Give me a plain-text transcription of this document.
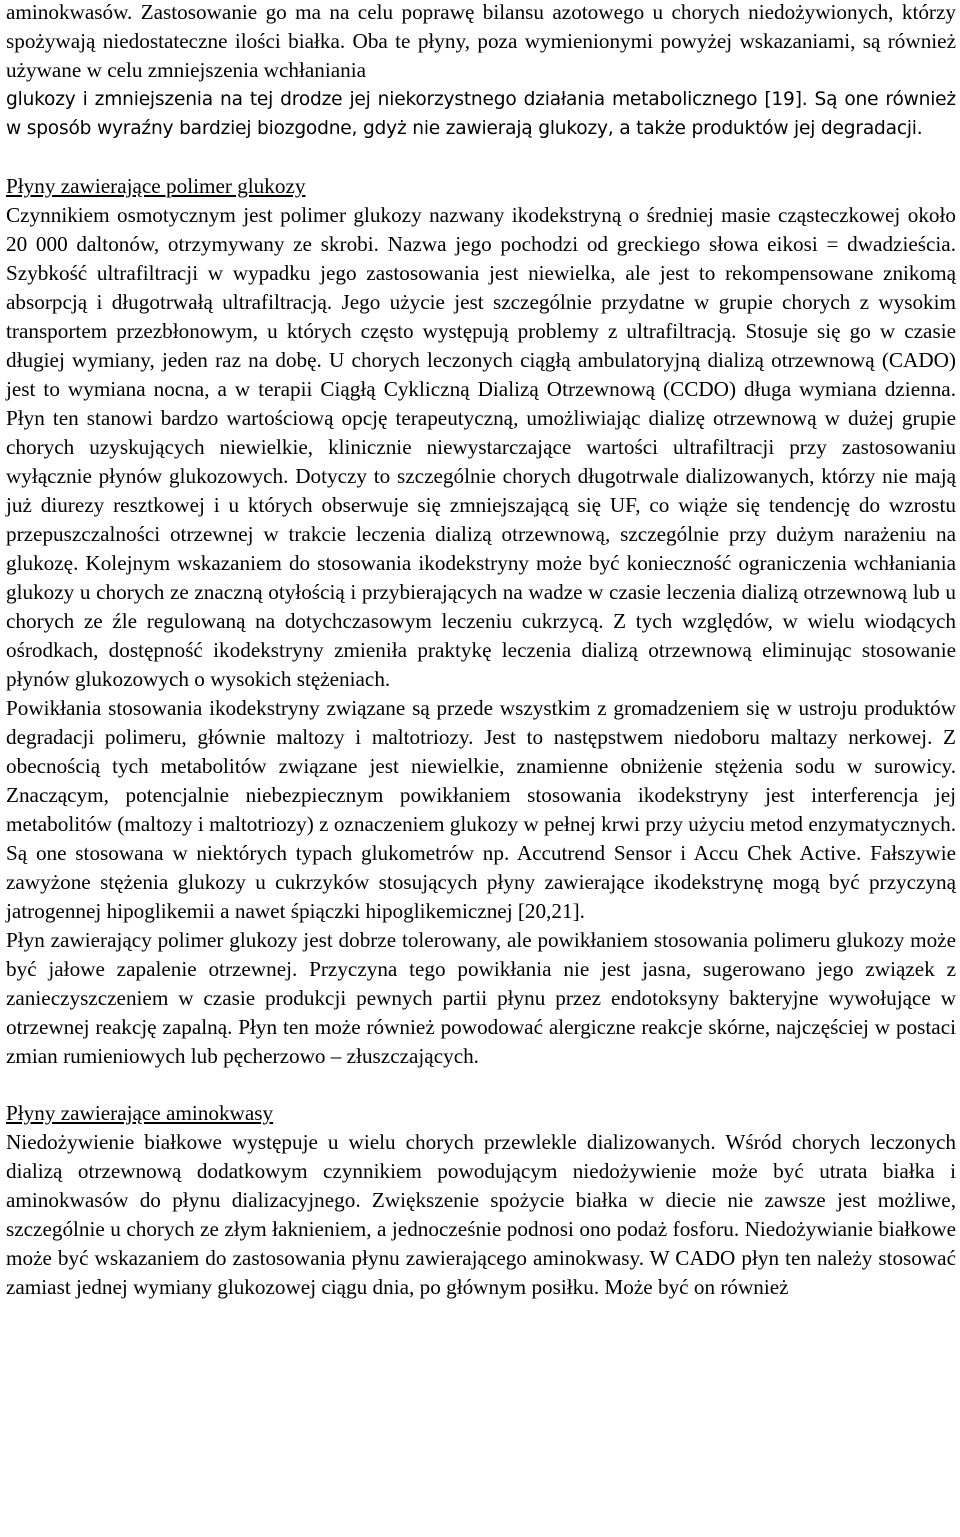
aminokwasów. Zastosowanie go ma na celu poprawę bilansu azotowego u chorych niedożywionych, którzy spożywają niedostateczne ilości białka. Oba te płyny, poza wymienionymi powyżej wskazaniami, są również używane w celu zmniejszenia wchłaniania

glukozy i zmniejszenia na tej drodze jej niekorzystnego działania metabolicznego [19]. Są one również w sposób wyraźny bardziej biozgodne, gdyż nie zawierają glukozy, a także produktów jej degradacji.

Płyny zawierające polimer glukozy

Czynnikiem osmotycznym jest polimer glukozy nazwany ikodekstryną o średniej masie cząsteczkowej około 20 000 daltonów, otrzymywany ze skrobi. Nazwa jego pochodzi od greckiego słowa eikosi = dwadzieścia. Szybkość ultrafiltracji w wypadku jego zastosowania jest niewielka, ale jest to rekompensowane znikomą absorpcją i długotrwałą ultrafiltracją. Jego użycie jest szczególnie przydatne w grupie chorych z wysokim transportem przezbłonowym, u których często występują problemy z ultrafiltracją. Stosuje się go w czasie długiej wymiany, jeden raz na dobę. U chorych leczonych ciągłą ambulatoryjną dializą otrzewnową (CADO) jest to wymiana nocna, a w terapii Ciągłą Cykliczną Dializą Otrzewnową (CCDO) długa wymiana dzienna. Płyn ten stanowi bardzo wartościową opcję terapeutyczną, umożliwiając dializę otrzewnową w dużej grupie chorych uzyskujących niewielkie, klinicznie niewystarczające wartości ultrafiltracji przy zastosowaniu wyłącznie płynów glukozowych. Dotyczy to szczególnie chorych długotrwale dializowanych, którzy nie mają już diurezy resztkowej i u których obserwuje się zmniejszającą się UF, co wiąże się tendencję do wzrostu przepuszczalności otrzewnej w trakcie leczenia dializą otrzewnową, szczególnie przy dużym narażeniu na glukozę. Kolejnym wskazaniem do stosowania ikodekstryny może być konieczność ograniczenia wchłaniania glukozy u chorych ze znaczną otyłością i przybierających na wadze w czasie leczenia dializą otrzewnową lub u chorych ze źle regulowaną na dotychczasowym leczeniu cukrzycą. Z tych względów, w wielu wiodących ośrodkach, dostępność ikodekstryny zmieniła praktykę leczenia dializą otrzewnową eliminując stosowanie płynów glukozowych o wysokich stężeniach.

Powikłania stosowania ikodekstryny związane są przede wszystkim z gromadzeniem się w ustroju produktów degradacji polimeru, głównie maltozy i maltotriozy. Jest to następstwem niedoboru maltazy nerkowej. Z obecnością tych metabolitów związane jest niewielkie, znamienne obniżenie stężenia sodu w surowicy. Znaczącym, potencjalnie niebezpiecznym powikłaniem stosowania ikodekstryny jest interferencja jej metabolitów (maltozy i maltotriozy) z oznaczeniem glukozy w pełnej krwi przy użyciu metod enzymatycznych. Są one stosowana w niektórych typach glukometrów np. Accutrend Sensor i Accu Chek Active. Fałszywie zawyżone stężenia glukozy u cukrzyków stosujących płyny zawierające ikodekstrynę mogą być przyczyną jatrogennej hipoglikemii a nawet śpiączki hipoglikemicznej [20,21].

Płyn zawierający polimer glukozy jest dobrze tolerowany, ale powikłaniem stosowania polimeru glukozy może być jałowe zapalenie otrzewnej. Przyczyna tego powikłania nie jest jasna, sugerowano jego związek z zanieczyszczeniem w czasie produkcji pewnych partii płynu przez endotoksyny bakteryjne wywołujące w otrzewnej reakcję zapalną. Płyn ten może również powodować alergiczne reakcje skórne, najczęściej w postaci zmian rumieniowych lub pęcherzowo – złuszczających.

Płyny zawierające aminokwasy

Niedożywienie białkowe występuje u wielu chorych przewlekle dializowanych. Wśród chorych leczonych dializą otrzewnową dodatkowym czynnikiem powodującym niedożywienie może być utrata białka i aminokwasów do płynu dializacyjnego. Zwiększenie spożycie białka w diecie nie zawsze jest możliwe, szczególnie u chorych ze złym łaknieniem, a jednocześnie podnosi ono podaż fosforu. Niedożywianie białkowe może być wskazaniem do zastosowania płynu zawierającego aminokwasy. W CADO płyn ten należy stosować zamiast jednej wymiany glukozowej ciągu dnia, po głównym posiłku. Może być on również
